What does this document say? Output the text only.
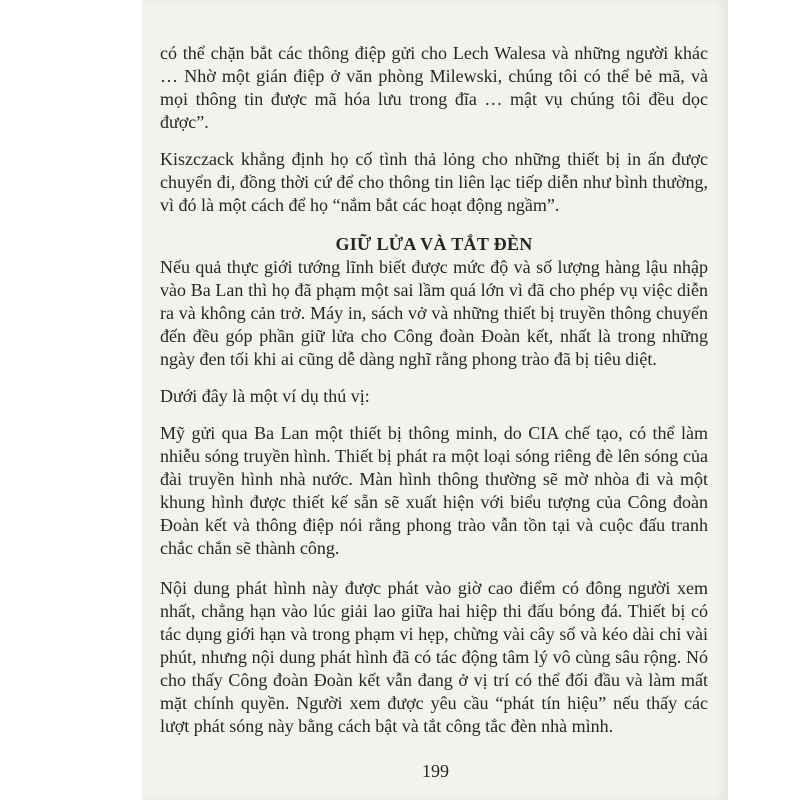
có thể chặn bắt các thông điệp gửi cho Lech Walesa và những người khác … Nhờ một gián điệp ở văn phòng Milewski, chúng tôi có thể bẻ mã, và mọi thông tin được mã hóa lưu trong đĩa … mật vụ chúng tôi đều dọc được”.

Kiszczack khẳng định họ cố tình thả lỏng cho những thiết bị in ấn được chuyển đi, đồng thời cứ để cho thông tin liên lạc tiếp diễn như bình thường, vì đó là một cách để họ “nắm bắt các hoạt động ngầm”.

GIỮ LỬA VÀ TẮT ĐÈN

Nếu quả thực giới tướng lĩnh biết được mức độ và số lượng hàng lậu nhập vào Ba Lan thì họ đã phạm một sai lầm quá lớn vì đã cho phép vụ việc diễn ra và không cản trở. Máy in, sách vở và những thiết bị truyền thông chuyển đến đều góp phần giữ lửa cho Công đoàn Đoàn kết, nhất là trong những ngày đen tối khi ai cũng dễ dàng nghĩ rằng phong trào đã bị tiêu diệt.

Dưới đây là một ví dụ thú vị:

Mỹ gửi qua Ba Lan một thiết bị thông minh, do CIA chế tạo, có thể làm nhiễu sóng truyền hình. Thiết bị phát ra một loại sóng riêng đè lên sóng của đài truyền hình nhà nước. Màn hình thông thường sẽ mờ nhòa đi và một khung hình được thiết kế sẵn sẽ xuất hiện với biểu tượng của Công đoàn Đoàn kết và thông điệp nói rằng phong trào vẫn tồn tại và cuộc đấu tranh chắc chắn sẽ thành công.

Nội dung phát hình này được phát vào giờ cao điểm có đông người xem nhất, chẳng hạn vào lúc giải lao giữa hai hiệp thi đấu bóng đá. Thiết bị có tác dụng giới hạn và trong phạm vi hẹp, chừng vài cây số và kéo dài chỉ vài phút, nhưng nội dung phát hình đã có tác động tâm lý vô cùng sâu rộng. Nó cho thấy Công đoàn Đoàn kết vẫn đang ở vị trí có thể đối đầu và làm mất mặt chính quyền. Người xem được yêu cầu “phát tín hiệu” nếu thấy các lượt phát sóng này bằng cách bật và tắt công tắc đèn nhà mình.

199
